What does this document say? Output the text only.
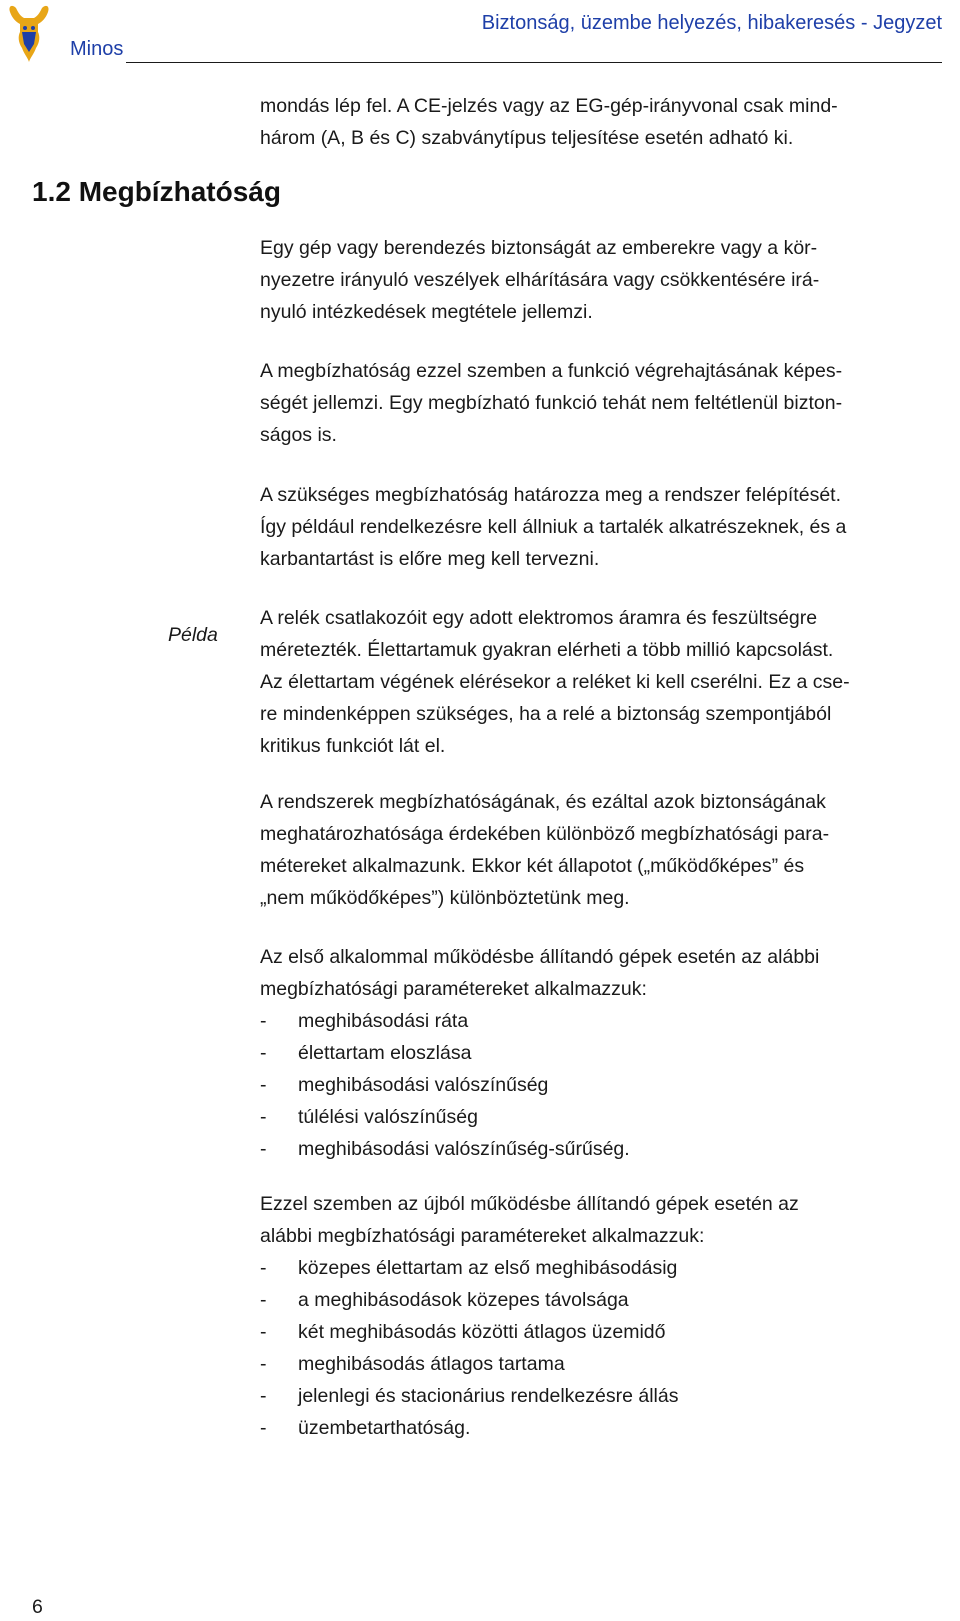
Minos
Biztonság, üzembe helyezés, hibakeresés - Jegyzet

mondás lép fel. A CE-jelzés vagy az EG-gép-irányvonal csak mind-
három (A, B és C) szabványtípus teljesítése esetén adható ki.

1.2 Megbízhatóság

Egy gép vagy berendezés biztonságát az emberekre vagy a kör-
nyezetre irányuló veszélyek elhárítására vagy csökkentésére irá-
nyuló intézkedések megtétele jellemzi.

A megbízhatóság ezzel szemben a funkció végrehajtásának képes-
ségét jellemzi. Egy megbízható funkció tehát nem feltétlenül bizton-
ságos is.

A szükséges megbízhatóság határozza meg a rendszer felépítését.
Így például rendelkezésre kell állniuk a tartalék alkatrészeknek, és a
karbantartást is előre meg kell tervezni.

Példa

A relék csatlakozóit egy adott elektromos áramra és feszültségre
méretezték. Élettartamuk gyakran elérheti a több millió kapcsolást.
Az élettartam végének elérésekor a reléket ki kell cserélni. Ez a cse-
re mindenképpen szükséges, ha a relé a biztonság szempontjából
kritikus funkciót lát el.

A rendszerek megbízhatóságának, és ezáltal azok biztonságának
meghatározhatósága érdekében különböző megbízhatósági para-
métereket alkalmazunk. Ekkor két állapotot („működőképes” és
„nem működőképes”) különböztetünk meg.

Az első alkalommal működésbe állítandó gépek esetén az alábbi
megbízhatósági paramétereket alkalmazzuk:

- meghibásodási ráta
- élettartam eloszlása
- meghibásodási valószínűség
- túlélési valószínűség
- meghibásodási valószínűség-sűrűség.

Ezzel szemben az újból működésbe állítandó gépek esetén az
alábbi megbízhatósági paramétereket alkalmazzuk:

- közepes élettartam az első meghibásodásig
- a meghibásodások közepes távolsága
- két meghibásodás közötti átlagos üzemidő
- meghibásodás átlagos tartama
- jelenlegi és stacionárius rendelkezésre állás
- üzembetarthatóság.
6
